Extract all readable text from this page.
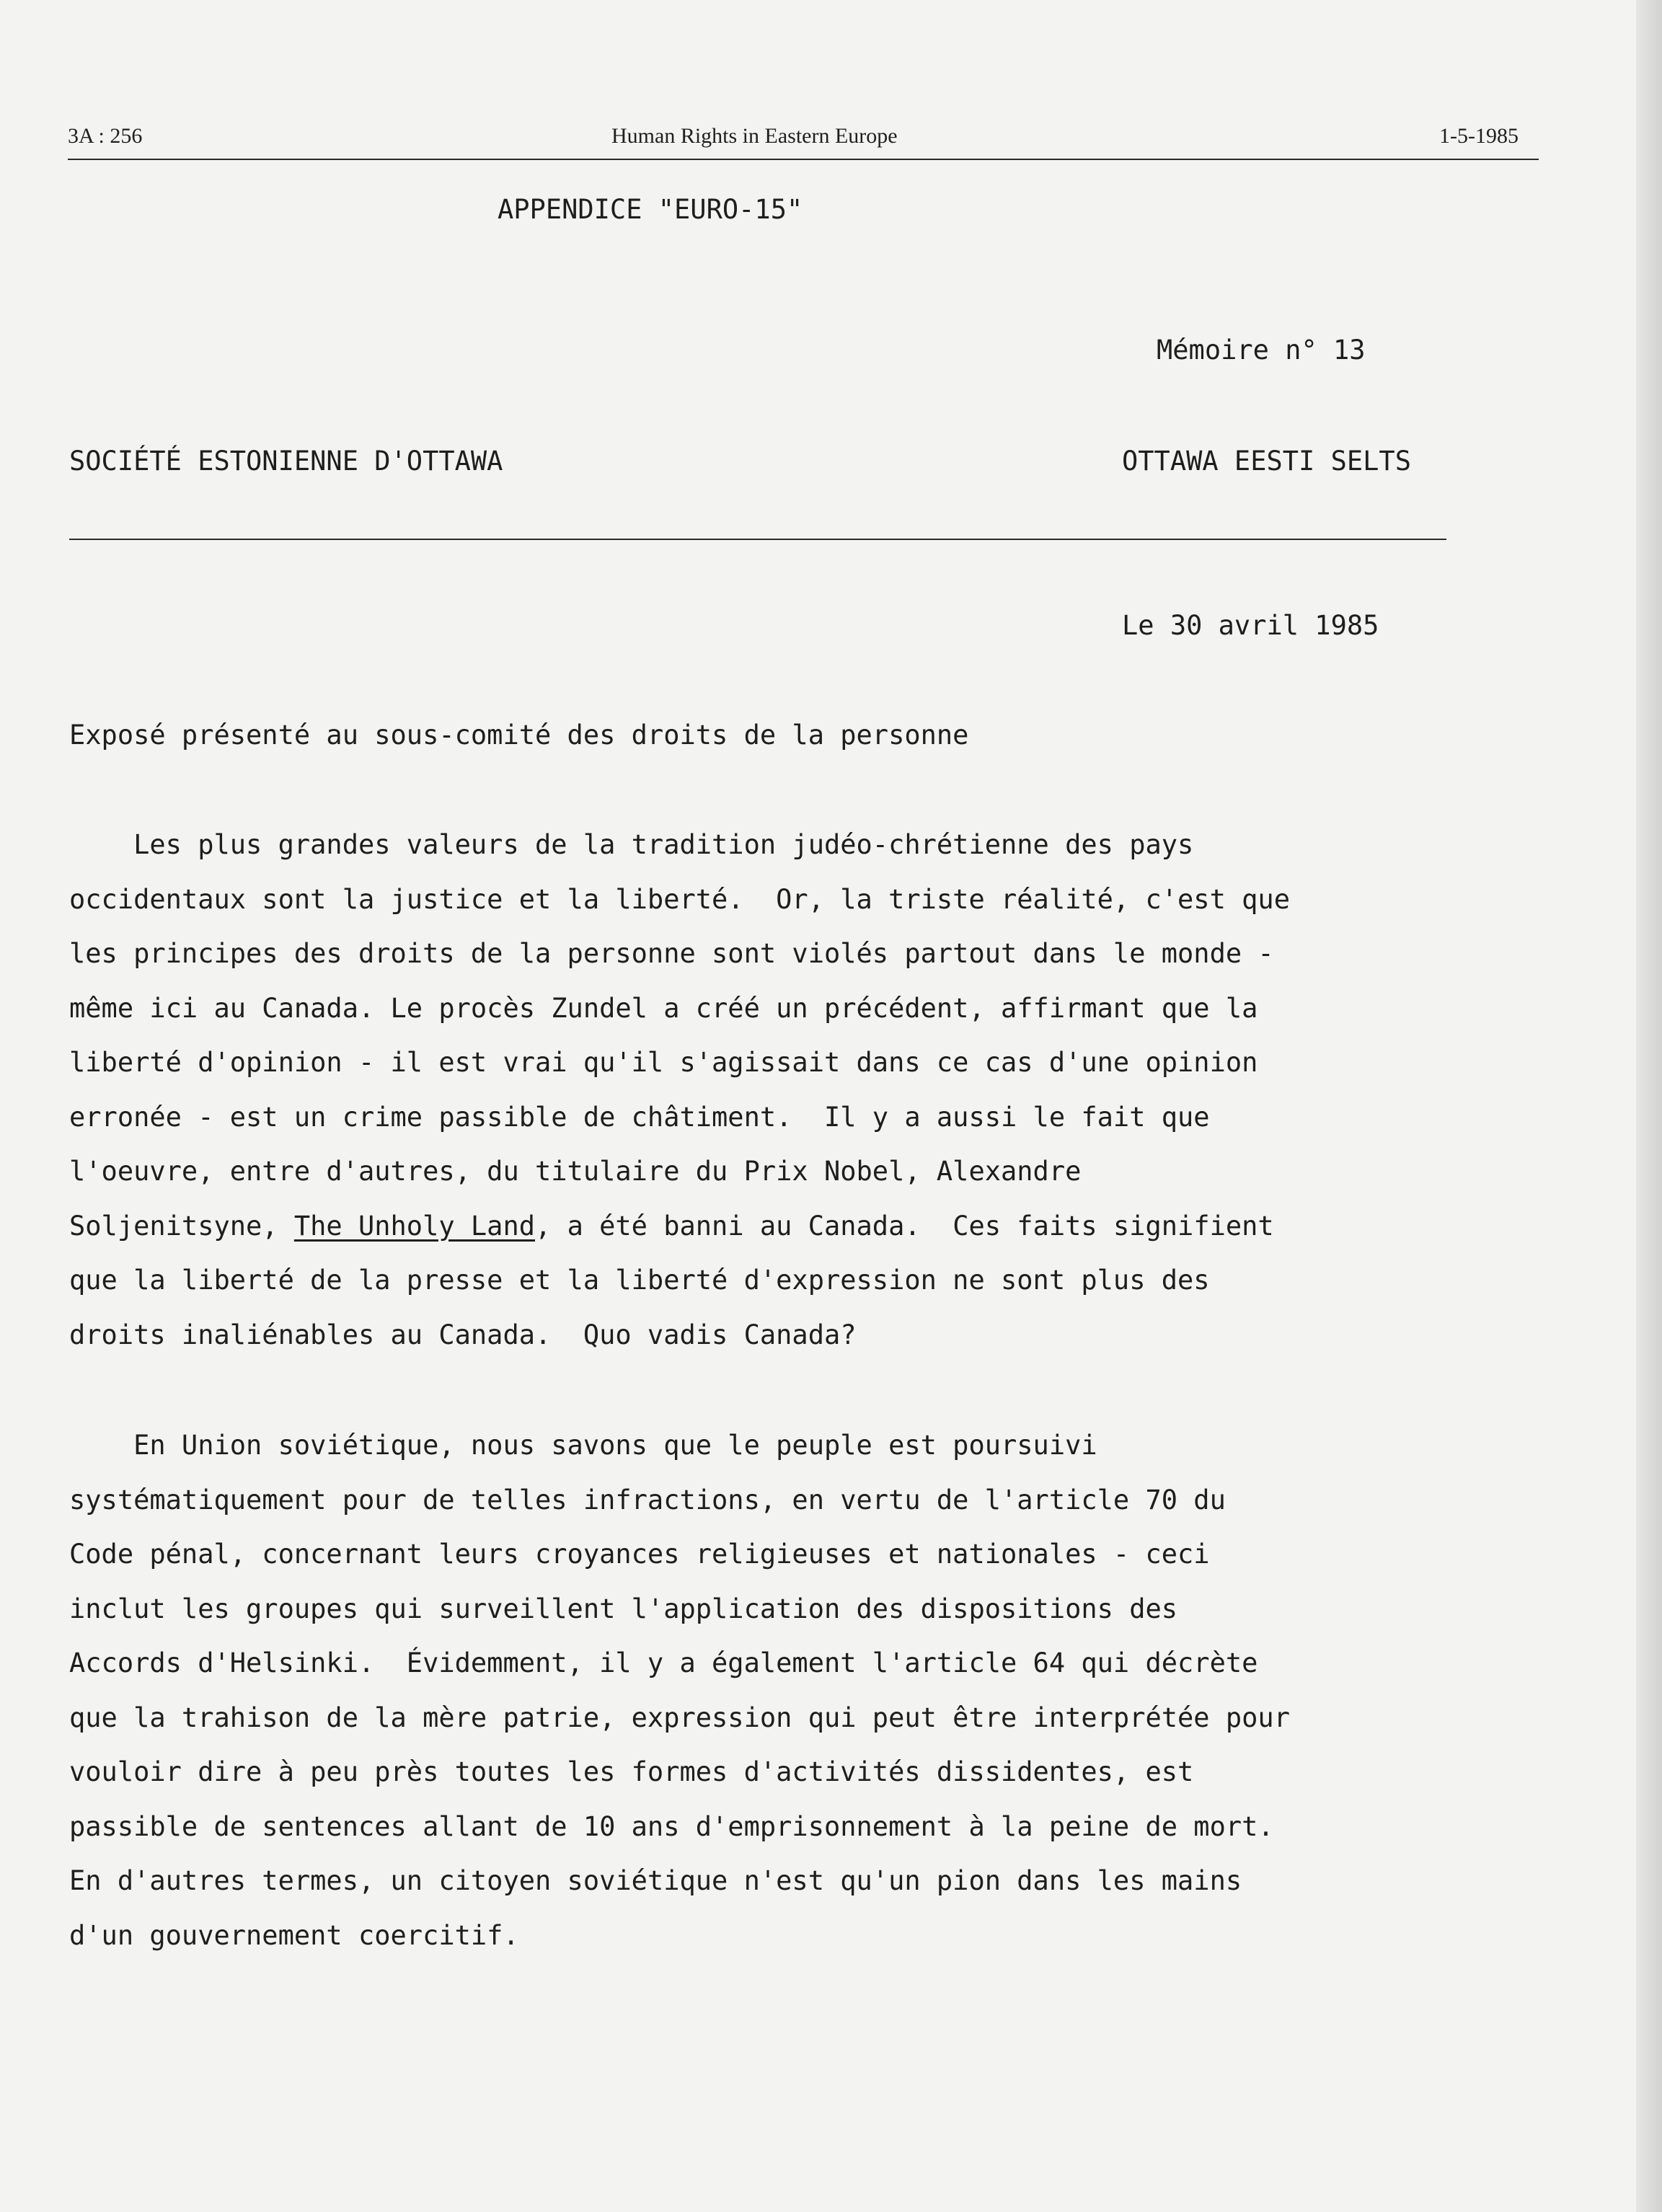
3A : 256	Human Rights in Eastern Europe	1-5-1985
APPENDICE "EURO-15"
Mémoire n° 13
SOCIÉTÉ ESTONIENNE D'OTTAWA	OTTAWA EESTI SELTS
Le 30 avril 1985
Exposé présenté au sous-comité des droits de la personne
Les plus grandes valeurs de la tradition judéo-chrétienne des pays
occidentaux sont la justice et la liberté.  Or, la triste réalité, c'est que
les principes des droits de la personne sont violés partout dans le monde -
même ici au Canada. Le procès Zundel a créé un précédent, affirmant que la
liberté d'opinion - il est vrai qu'il s'agissait dans ce cas d'une opinion
erronée - est un crime passible de châtiment.  Il y a aussi le fait que
l'oeuvre, entre d'autres, du titulaire du Prix Nobel, Alexandre
Soljenitsyne, The Unholy Land, a été banni au Canada.  Ces faits signifient
que la liberté de la presse et la liberté d'expression ne sont plus des
droits inaliénables au Canada.  Quo vadis Canada?
En Union soviétique, nous savons que le peuple est poursuivi
systématiquement pour de telles infractions, en vertu de l'article 70 du
Code pénal, concernant leurs croyances religieuses et nationales - ceci
inclut les groupes qui surveillent l'application des dispositions des
Accords d'Helsinki.  Évidemment, il y a également l'article 64 qui décrète
que la trahison de la mère patrie, expression qui peut être interprétée pour
vouloir dire à peu près toutes les formes d'activités dissidentes, est
passible de sentences allant de 10 ans d'emprisonnement à la peine de mort.
En d'autres termes, un citoyen soviétique n'est qu'un pion dans les mains
d'un gouvernement coercitif.
